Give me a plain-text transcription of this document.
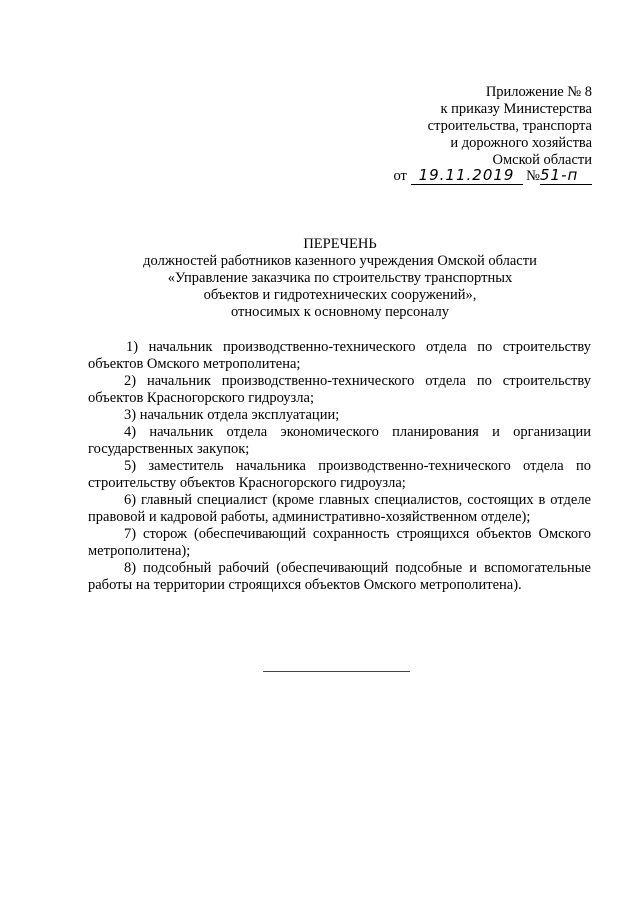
Приложение № 8
к приказу Министерства
строительства, транспорта
и дорожного хозяйства
Омской области
от 19.11.2019 №51-п
ПЕРЕЧЕНЬ
должностей работников казенного учреждения Омской области
«Управление заказчика по строительству транспортных
объектов и гидротехнических сооружений»,
относимых к основному персоналу

1) начальник производственно-технического отдела по строительству объектов Омского метрополитена;

2) начальник производственно-технического отдела по строительству объектов Красногорского гидроузла;

3) начальник отдела эксплуатации;

4) начальник отдела экономического планирования и организации государственных закупок;

5) заместитель начальника производственно-технического отдела по строительству объектов Красногорского гидроузла;

6) главный специалист (кроме главных специалистов, состоящих в отделе правовой и кадровой работы, административно-хозяйственном отделе);

7) сторож (обеспечивающий сохранность строящихся объектов Омского метрополитена);

8) подсобный рабочий (обеспечивающий подсобные и вспомогательные работы на территории строящихся объектов Омского метрополитена).
